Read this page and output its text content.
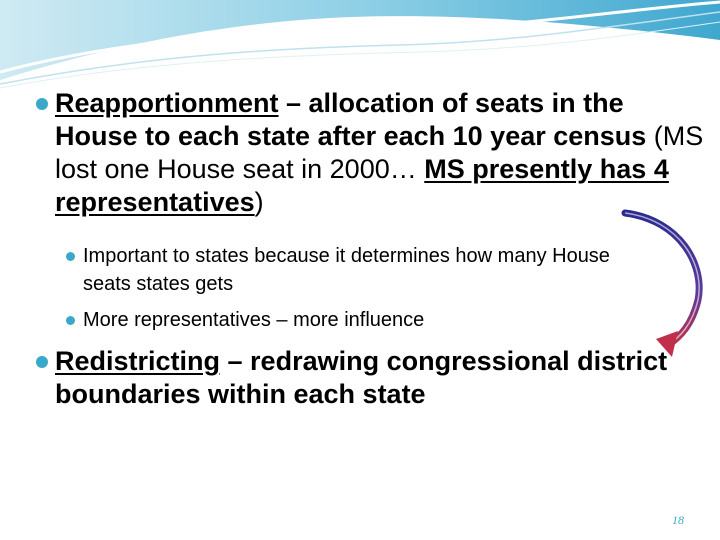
Reapportionment – allocation of seats in the House to each state after each 10 year census (MS lost one House seat in 2000… MS presently has 4 representatives)
Important to states because it determines how many House seats states gets
More representatives – more influence
Redistricting – redrawing congressional district boundaries within each state
18
